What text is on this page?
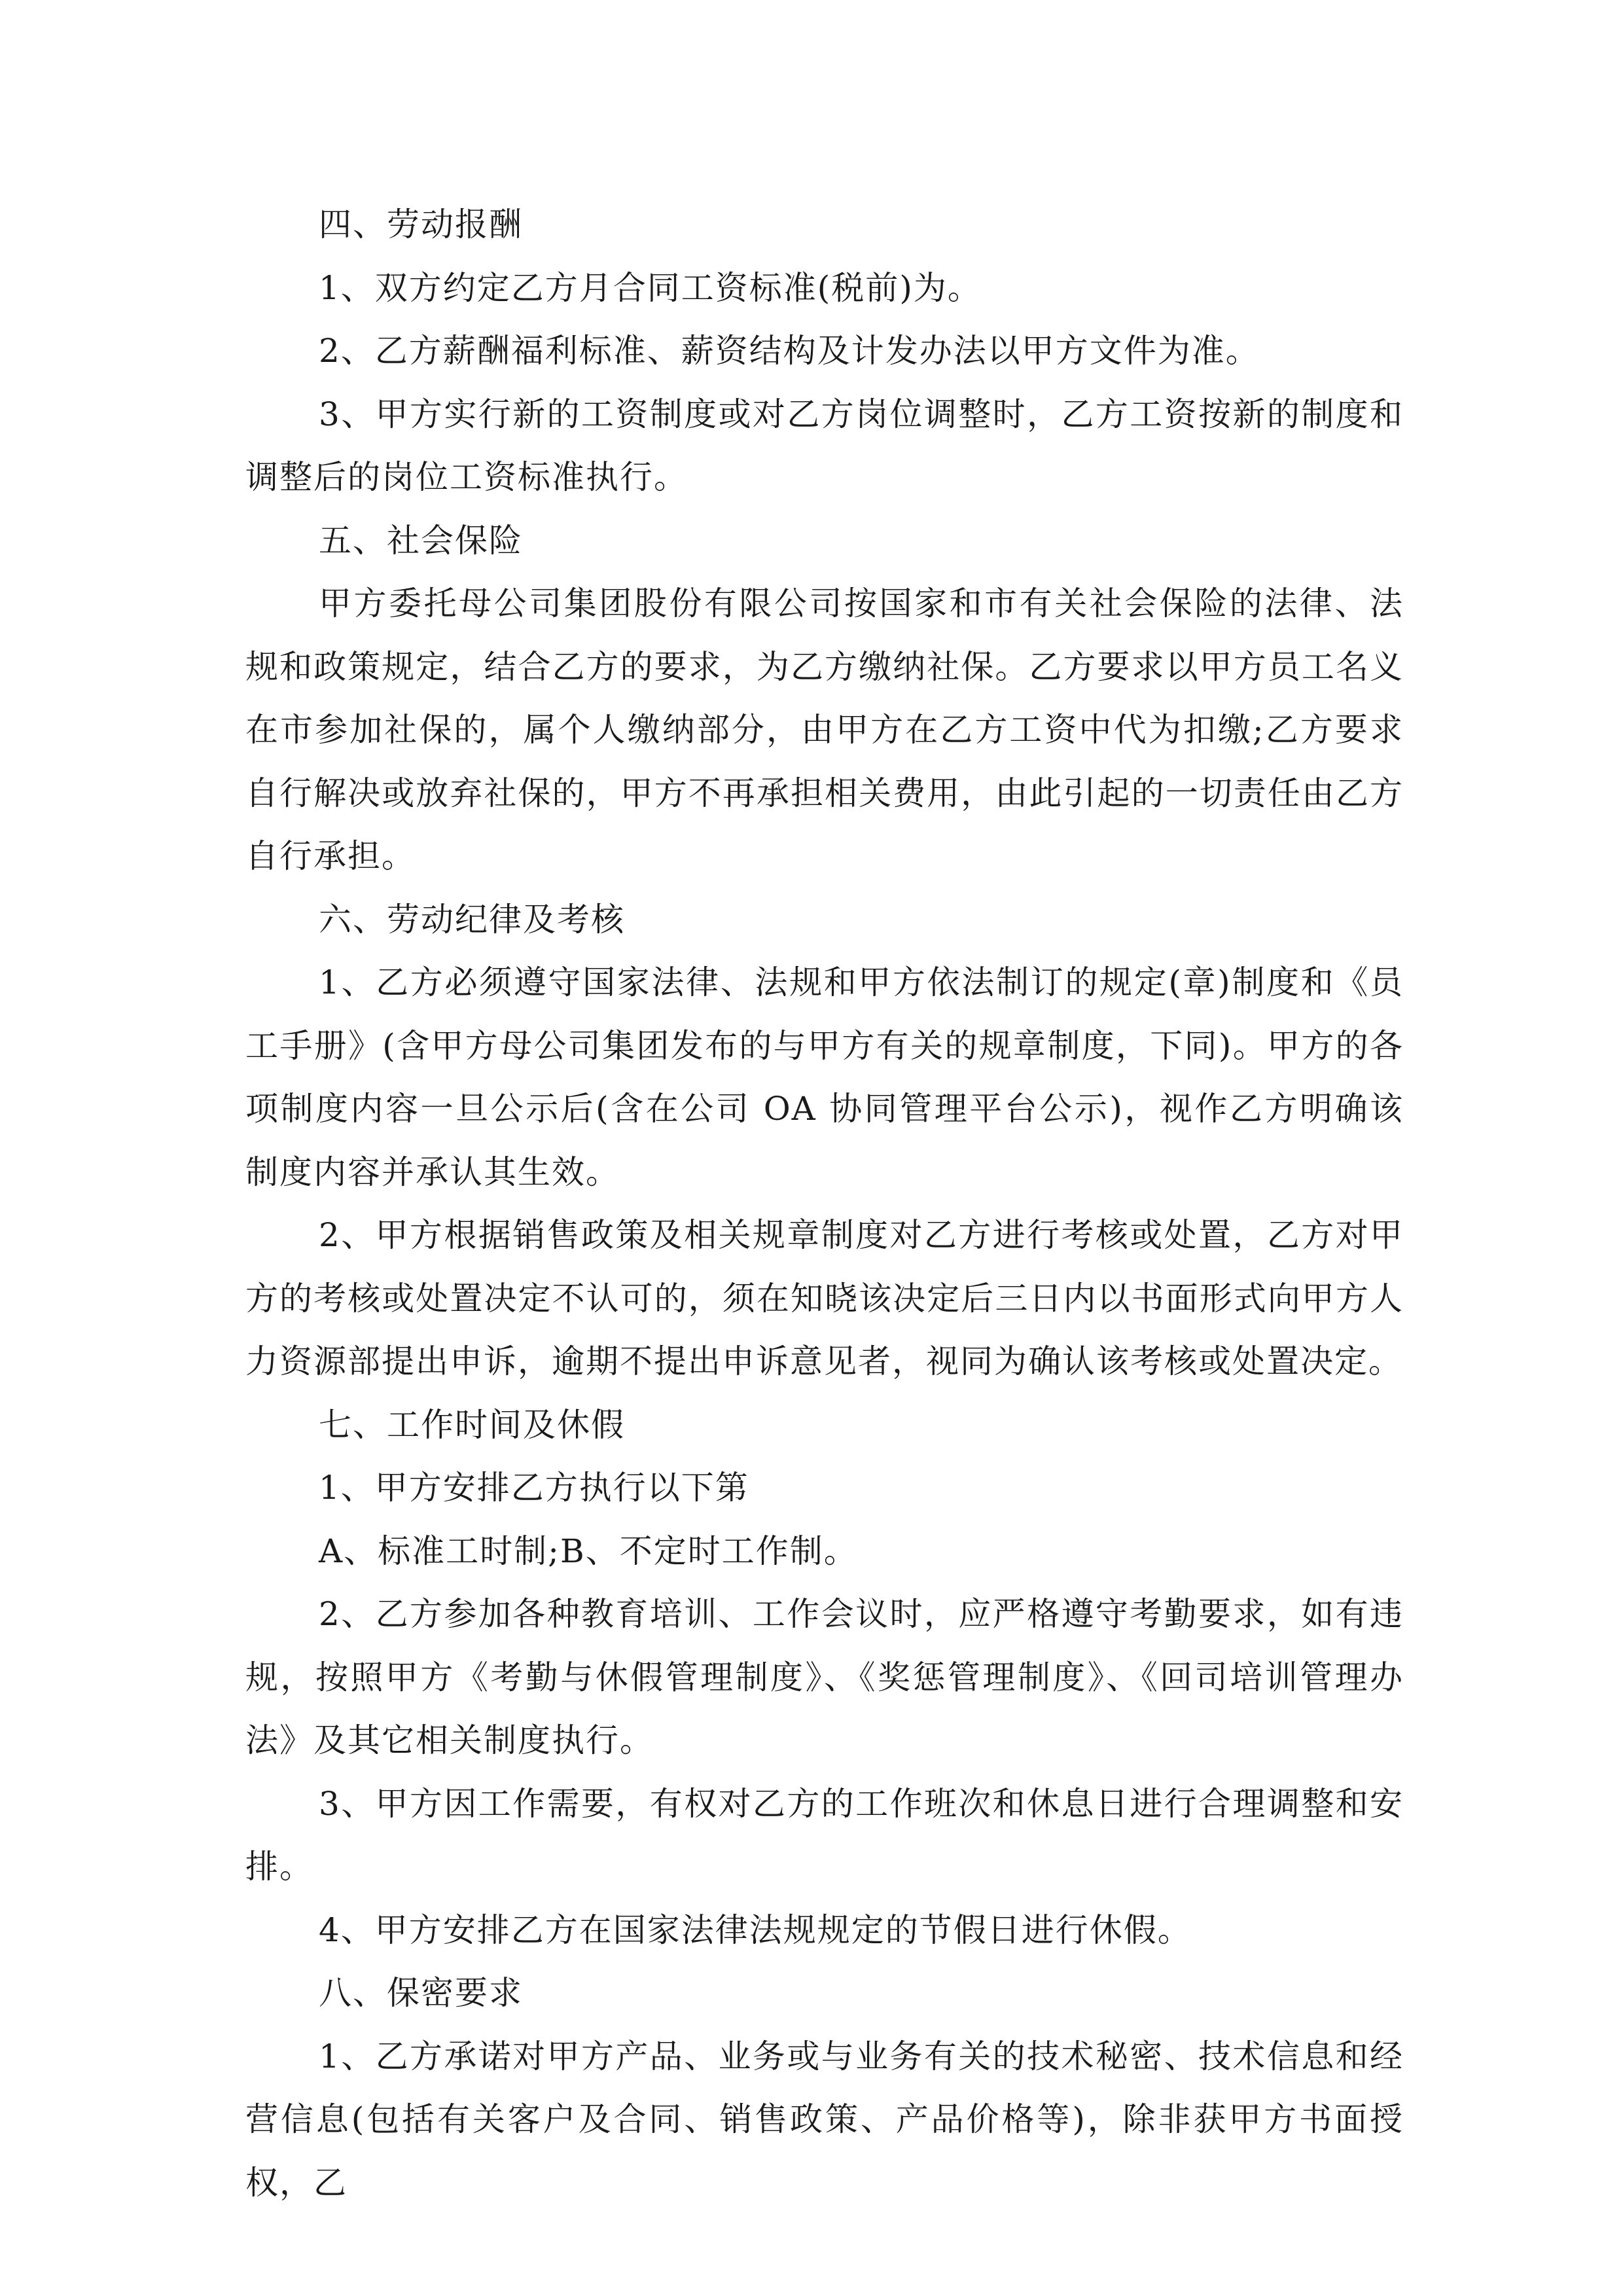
四、劳动报酬

1、双方约定乙方月合同工资标准(税前)为。

2、乙方薪酬福利标准、薪资结构及计发办法以甲方文件为准。

3、甲方实行新的工资制度或对乙方岗位调整时，乙方工资按新的制度和调整后的岗位工资标准执行。

五、社会保险

甲方委托母公司集团股份有限公司按国家和市有关社会保险的法律、法规和政策规定，结合乙方的要求，为乙方缴纳社保。乙方要求以甲方员工名义在市参加社保的，属个人缴纳部分，由甲方在乙方工资中代为扣缴;乙方要求自行解决或放弃社保的，甲方不再承担相关费用，由此引起的一切责任由乙方自行承担。

六、劳动纪律及考核

1、乙方必须遵守国家法律、法规和甲方依法制订的规定(章)制度和《员工手册》(含甲方母公司集团发布的与甲方有关的规章制度，下同)。甲方的各项制度内容一旦公示后(含在公司 OA 协同管理平台公示)，视作乙方明确该制度内容并承认其生效。

2、甲方根据销售政策及相关规章制度对乙方进行考核或处置，乙方对甲方的考核或处置决定不认可的，须在知晓该决定后三日内以书面形式向甲方人力资源部提出申诉，逾期不提出申诉意见者，视同为确认该考核或处置决定。

七、工作时间及休假

1、甲方安排乙方执行以下第

A、标准工时制;B、不定时工作制。

2、乙方参加各种教育培训、工作会议时，应严格遵守考勤要求，如有违规，按照甲方《考勤与休假管理制度》、《奖惩管理制度》、《回司培训管理办法》及其它相关制度执行。

3、甲方因工作需要，有权对乙方的工作班次和休息日进行合理调整和安排。

4、甲方安排乙方在国家法律法规规定的节假日进行休假。

八、保密要求

1、乙方承诺对甲方产品、业务或与业务有关的技术秘密、技术信息和经营信息(包括有关客户及合同、销售政策、产品价格等)，除非获甲方书面授权，乙
